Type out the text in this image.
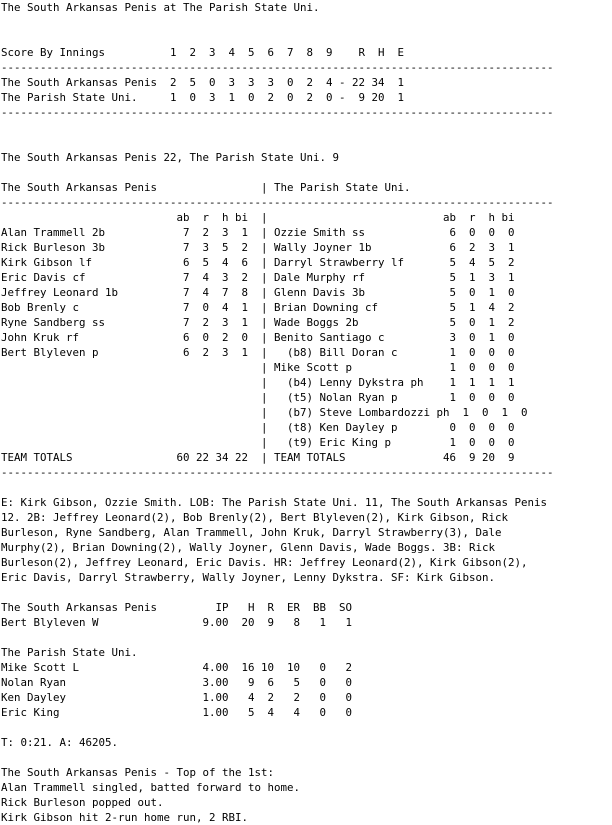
The South Arkansas Penis at The Parish State Uni.

Score By Innings          1  2  3  4  5  6  7  8  9    R  H  E
-------------------------------------------------------------------------------------
The South Arkansas Penis  2  5  0  3  3  3  0  2  4 - 22 34  1
The Parish State Uni.     1  0  3  1  0  2  0  2  0 -  9 20  1
-------------------------------------------------------------------------------------

The South Arkansas Penis 22, The Parish State Uni. 9

The South Arkansas Penis                | The Parish State Uni.
-------------------------------------------------------------------------------------
ab  r  h bi  |                           ab  r  h bi
Alan Trammell 2b            7  2  3  1  | Ozzie Smith ss             6  0  0  0
Rick Burleson 3b            7  3  5  2  | Wally Joyner 1b            6  2  3  1
Kirk Gibson lf              6  5  4  6  | Darryl Strawberry lf       5  4  5  2
Eric Davis cf               7  4  3  2  | Dale Murphy rf             5  1  3  1
Jeffrey Leonard 1b          7  4  7  8  | Glenn Davis 3b             5  0  1  0
Bob Brenly c                7  0  4  1  | Brian Downing cf           5  1  4  2
Ryne Sandberg ss            7  2  3  1  | Wade Boggs 2b              5  0  1  2
John Kruk rf                6  0  2  0  | Benito Santiago c          3  0  1  0
Bert Blyleven p             6  2  3  1  |   (b8) Bill Doran c        1  0  0  0
| Mike Scott p               1  0  0  0
|   (b4) Lenny Dykstra ph    1  1  1  1
|   (t5) Nolan Ryan p        1  0  0  0
|   (b7) Steve Lombardozzi ph  1  0  1  0
|   (t8) Ken Dayley p        0  0  0  0
|   (t9) Eric King p         1  0  0  0
TEAM TOTALS                60 22 34 22  | TEAM TOTALS               46  9 20  9
-------------------------------------------------------------------------------------

E: Kirk Gibson, Ozzie Smith. LOB: The Parish State Uni. 11, The South Arkansas Penis
12. 2B: Jeffrey Leonard(2), Bob Brenly(2), Bert Blyleven(2), Kirk Gibson, Rick
Burleson, Ryne Sandberg, Alan Trammell, John Kruk, Darryl Strawberry(3), Dale
Murphy(2), Brian Downing(2), Wally Joyner, Glenn Davis, Wade Boggs. 3B: Rick
Burleson(2), Jeffrey Leonard, Eric Davis. HR: Jeffrey Leonard(2), Kirk Gibson(2),
Eric Davis, Darryl Strawberry, Wally Joyner, Lenny Dykstra. SF: Kirk Gibson.

The South Arkansas Penis         IP   H  R  ER  BB  SO
Bert Blyleven W                9.00  20  9   8   1   1

The Parish State Uni.
Mike Scott L                   4.00  16 10  10   0   2
Nolan Ryan                     3.00   9  6   5   0   0
Ken Dayley                     1.00   4  2   2   0   0
Eric King                      1.00   5  4   4   0   0

T: 0:21. A: 46205.

The South Arkansas Penis - Top of the 1st:
Alan Trammell singled, batted forward to home.
Rick Burleson popped out.
Kirk Gibson hit 2-run home run, 2 RBI.
